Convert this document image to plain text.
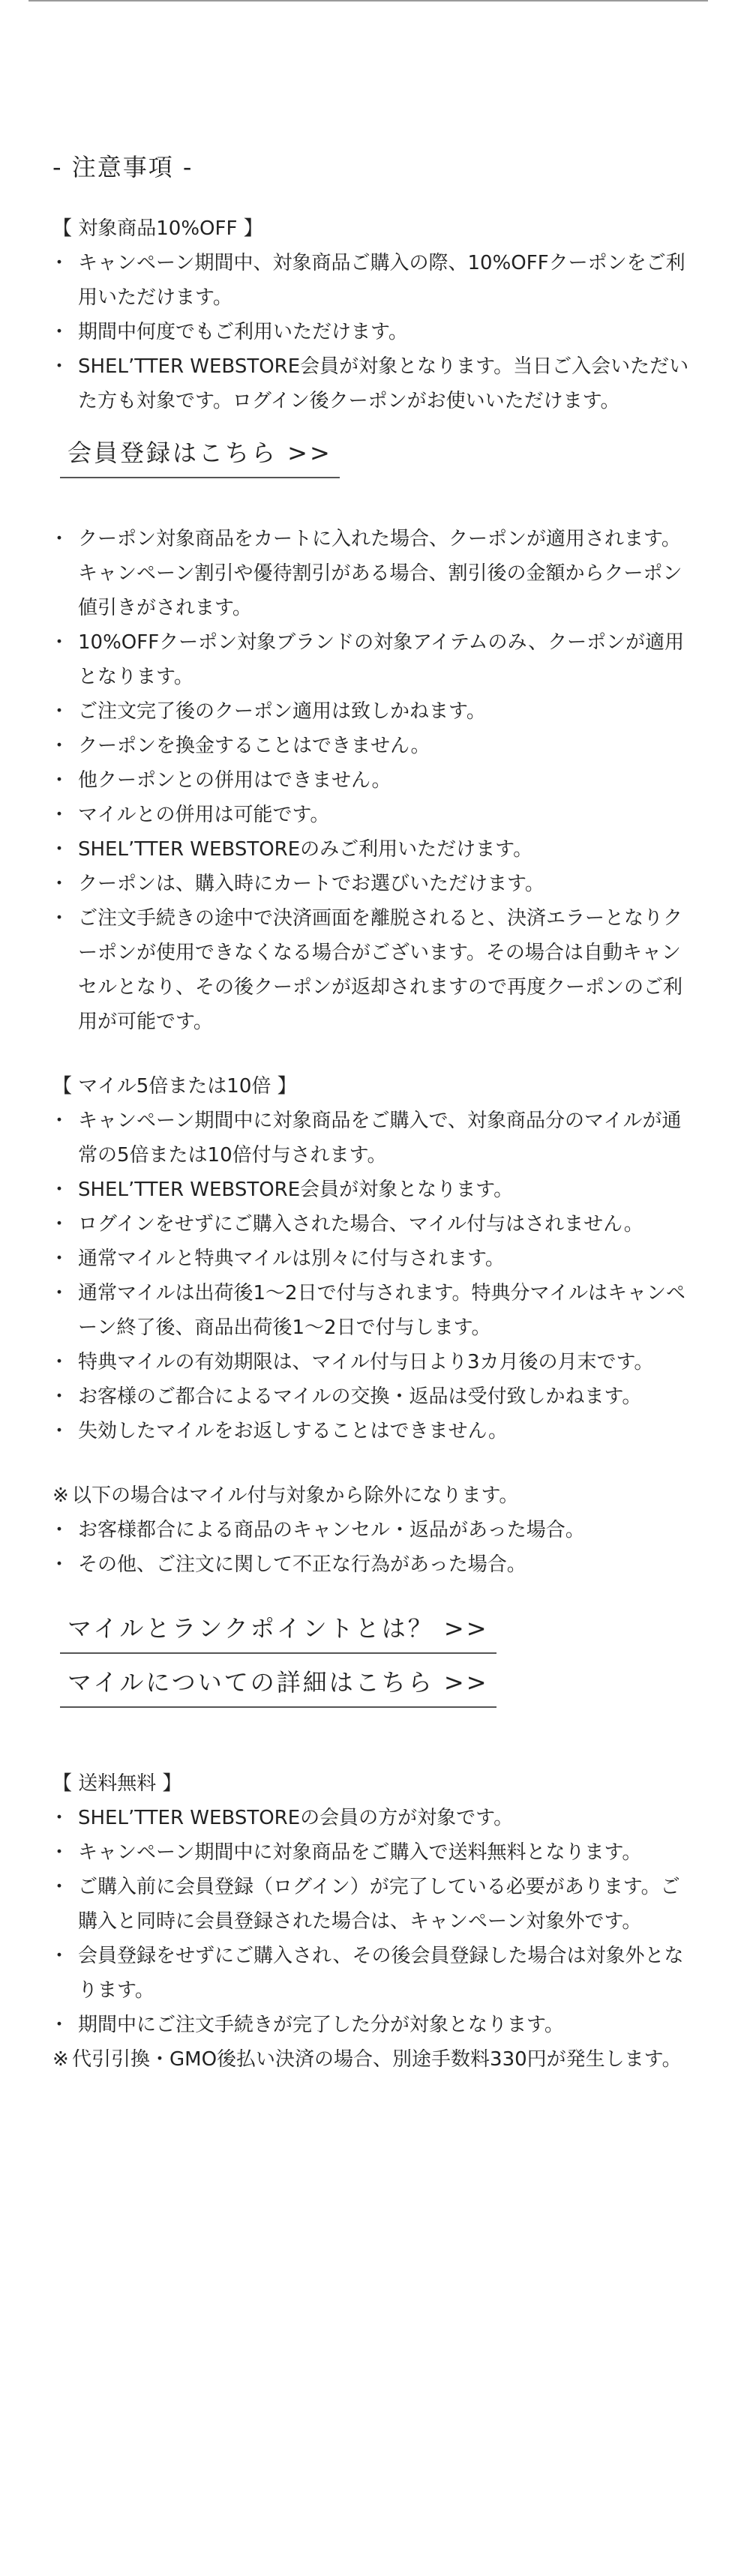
- 注意事項 -
【 対象商品10%OFF 】
・ キャンペーン期間中、対象商品ご購入の際、10%OFFクーポンをご利用いただけます。
・ 期間中何度でもご利用いただけます。
・ SHEL’TTER WEBSTORE会員が対象となります。当日ご入会いただいた方も対象です。ログイン後クーポンがお使いいただけます。
会員登録はこちら >>
・ クーポン対象商品をカートに入れた場合、クーポンが適用されます。キャンペーン割引や優待割引がある場合、割引後の金額からクーポン値引きがされます。
・ 10%OFFクーポン対象ブランドの対象アイテムのみ、クーポンが適用となります。
・ ご注文完了後のクーポン適用は致しかねます。
・ クーポンを換金することはできません。
・ 他クーポンとの併用はできません。
・ マイルとの併用は可能です。
・ SHEL’TTER WEBSTOREのみご利用いただけます。
・ クーポンは、購入時にカートでお選びいただけます。
・ ご注文手続きの途中で決済画面を離脱されると、決済エラーとなりクーポンが使用できなくなる場合がございます。その場合は自動キャンセルとなり、その後クーポンが返却されますので再度クーポンのご利用が可能です。
【 マイル5倍または10倍 】
・ キャンペーン期間中に対象商品をご購入で、対象商品分のマイルが通常の5倍または10倍付与されます。
・ SHEL’TTER WEBSTORE会員が対象となります。
・ ログインをせずにご購入された場合、マイル付与はされません。
・ 通常マイルと特典マイルは別々に付与されます。
・ 通常マイルは出荷後1〜2日で付与されます。特典分マイルはキャンペーン終了後、商品出荷後1〜2日で付与します。
・ 特典マイルの有効期限は、マイル付与日より3カ月後の月末です。
・ お客様のご都合によるマイルの交換・返品は受付致しかねます。
・ 失効したマイルをお返しすることはできません。
※ 以下の場合はマイル付与対象から除外になります。
・ お客様都合による商品のキャンセル・返品があった場合。
・ その他、ご注文に関して不正な行為があった場合。
マイルとランクポイントとは？ >>
マイルについての詳細はこちら >>
【 送料無料 】
・ SHEL’TTER WEBSTOREの会員の方が対象です。
・ キャンペーン期間中に対象商品をご購入で送料無料となります。
・ ご購入前に会員登録（ログイン）が完了している必要があります。ご購入と同時に会員登録された場合は、キャンペーン対象外です。
・ 会員登録をせずにご購入され、その後会員登録した場合は対象外となります。
・ 期間中にご注文手続きが完了した分が対象となります。
※ 代引引換・GMO後払い決済の場合、別途手数料330円が発生します。
